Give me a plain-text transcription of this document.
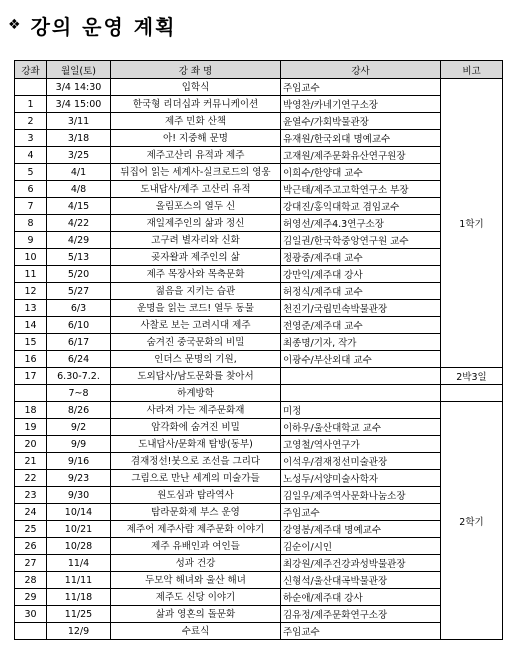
❖ 강의 운영 계획
강좌	월일(토)	강 좌 명	강사	비고
	3/4 14:30	입학식	주임교수	1학기
1	3/4 15:00	한국형 리더십과 커뮤니케이션	박영찬/카네기연구소장	
2	3/11	제주 민화 산책	윤열수/가회박물관장	
3	3/18	아! 지중해 문명	유재원/한국외대 명예교수	
4	3/25	제주고산리 유적과 제주	고재원/제주문화유산연구원장	
5	4/1	뒤집어 읽는 세계사-실크로드의 영웅	이희수/한양대 교수	
6	4/8	도내답사/제주 고산리 유적	박근태/제주고고학연구소 부장	
7	4/15	올림포스의 열두 신	강대진/홍익대학교 겸임교수	
8	4/22	재일제주인의 삶과 정신	허영선/제주4.3연구소장	
9	4/29	고구려 별자리와 신화	김일권/한국학중앙연구원 교수	
10	5/13	곶자왈과 제주인의 삶	정광중/제주대 교수	
11	5/20	제주 목장사와 목축문화	강만익/제주대 강사	
12	5/27	젊음을 지키는 습관	허정식/제주대 교수	
13	6/3	운명을 읽는 코드! 열두 동물	천진기/국립민속박물관장	
14	6/10	사찰로 보는 고려시대 제주	전영준/제주대 교수	
15	6/17	숨겨진 중국문화의 비밀	최종명/기자, 작가	
16	6/24	인더스 문명의 기원,	이광수/부산외대 교수	
17	6.30-7.2.	도외답사/남도문화를 찾아서		2박3일
	7~8	하계방학		
18	8/26	사라져 가는 제주문화재	미정	2학기
19	9/2	암각화에 숨겨진 비밀	이하우/울산대학교 교수	
20	9/9	도내답사/문화재 탐방(동부)	고영철/역사연구가	
21	9/16	겸재정선!붓으로 조선을 그리다	이석우/겸재정선미술관장	
22	9/23	그림으로 만난 세계의 미술가들	노성두/서양미술사학자	
23	9/30	원도심과 탐라역사	김일우/제주역사문화나눔소장	
24	10/14	탐라문화제 부스 운영	주임교수	
25	10/21	제주어 제주사람 제주문화 이야기	강영봉/제주대 명예교수	
26	10/28	제주 유배인과 여인들	김순이/시인	
27	11/4	성과 건강	최강원/제주건강과성박물관장	
28	11/11	두모악 해녀와 울산 해녀	신형석/울산대곡박물관장	
29	11/18	제주도 신당 이야기	하순애/제주대 강사	
30	11/25	삶과 영혼의 돌문화	김유정/제주문화연구소장	
	12/9	수료식	주임교수	
